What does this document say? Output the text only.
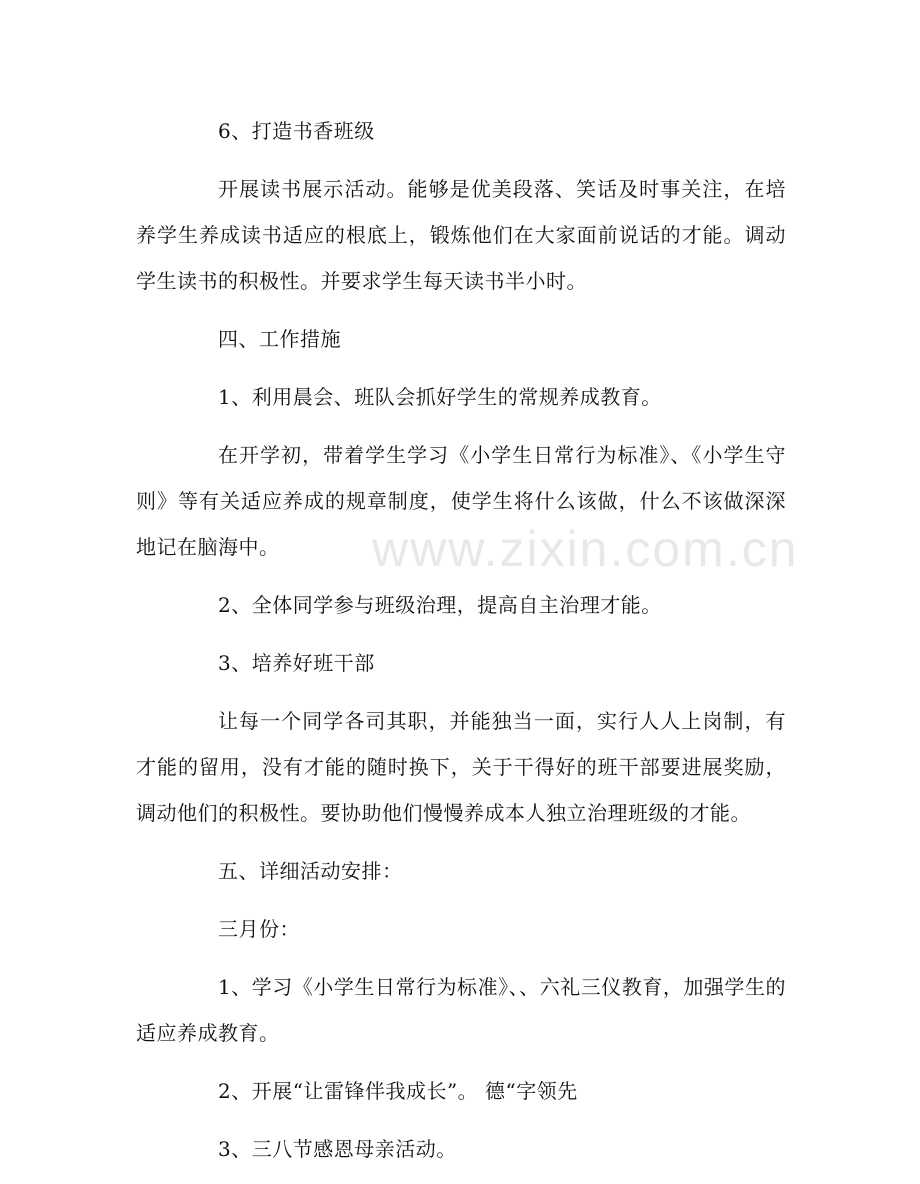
6、打造书香班级

开展读书展示活动。能够是优美段落、笑话及时事关注，在培养学生养成读书适应的根底上，锻炼他们在大家面前说话的才能。调动学生读书的积极性。并要求学生每天读书半小时。

四、工作措施

1、利用晨会、班队会抓好学生的常规养成教育。

在开学初，带着学生学习《小学生日常行为标准》、《小学生守则》等有关适应养成的规章制度，使学生将什么该做，什么不该做深深地记在脑海中。

2、全体同学参与班级治理，提高自主治理才能。

3、培养好班干部

让每一个同学各司其职，并能独当一面，实行人人上岗制，有才能的留用，没有才能的随时换下，关于干得好的班干部要进展奖励，调动他们的积极性。要协助他们慢慢养成本人独立治理班级的才能。

五、详细活动安排：

三月份：

1、学习《小学生日常行为标准》、、六礼三仪教育，加强学生的适应养成教育。

2、开展“让雷锋伴我成长”。 德“字领先

3、三八节感恩母亲活动。

www.zixin.com.cn
